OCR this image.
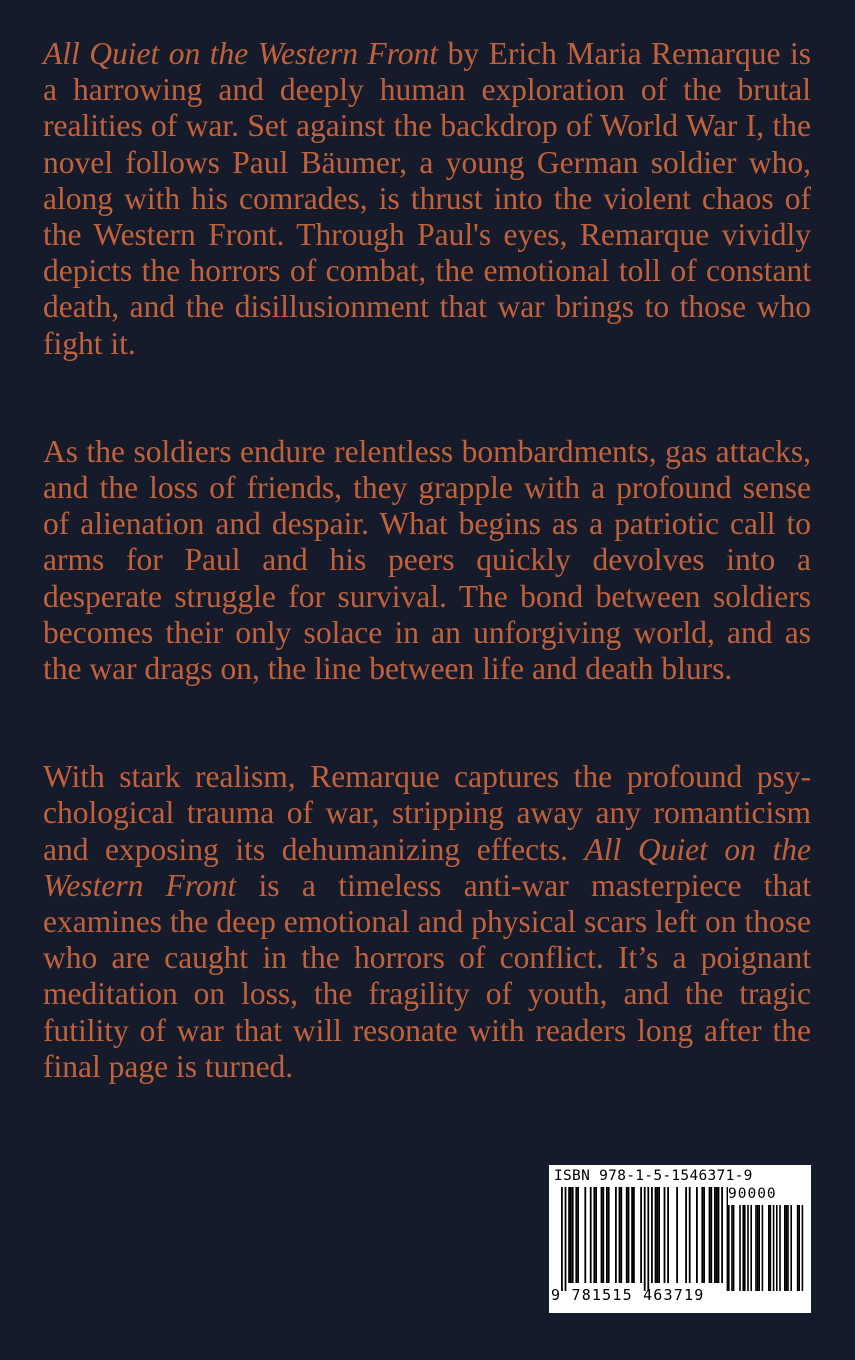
All Quiet on the Western Front by Erich Maria Remarque is a harrowing and deeply human exploration of the brutal realities of war. Set against the backdrop of World War I, the novel follows Paul Bäumer, a young German soldier who, along with his comrades, is thrust into the violent chaos of the Western Front. Through Paul's eyes, Remarque vividly depicts the horrors of combat, the emotional toll of constant death, and the disillusionment that war brings to those who fight it.

As the soldiers endure relentless bombardments, gas attacks, and the loss of friends, they grapple with a profound sense of alienation and despair. What begins as a patriotic call to arms for Paul and his peers quickly devolves into a desperate struggle for survival. The bond between soldiers becomes their only solace in an unforgiving world, and as the war drags on, the line between life and death blurs.

With stark realism, Remarque captures the profound psychological trauma of war, stripping away any romanticism and exposing its dehumanizing effects. All Quiet on the Western Front is a timeless anti-war masterpiece that examines the deep emotional and physical scars left on those who are caught in the horrors of conflict. It’s a poignant meditation on loss, the fragility of youth, and the tragic futility of war that will resonate with readers long after the final page is turned.

ISBN 978-1-5-1546371-9
90000
9 781515 463719
